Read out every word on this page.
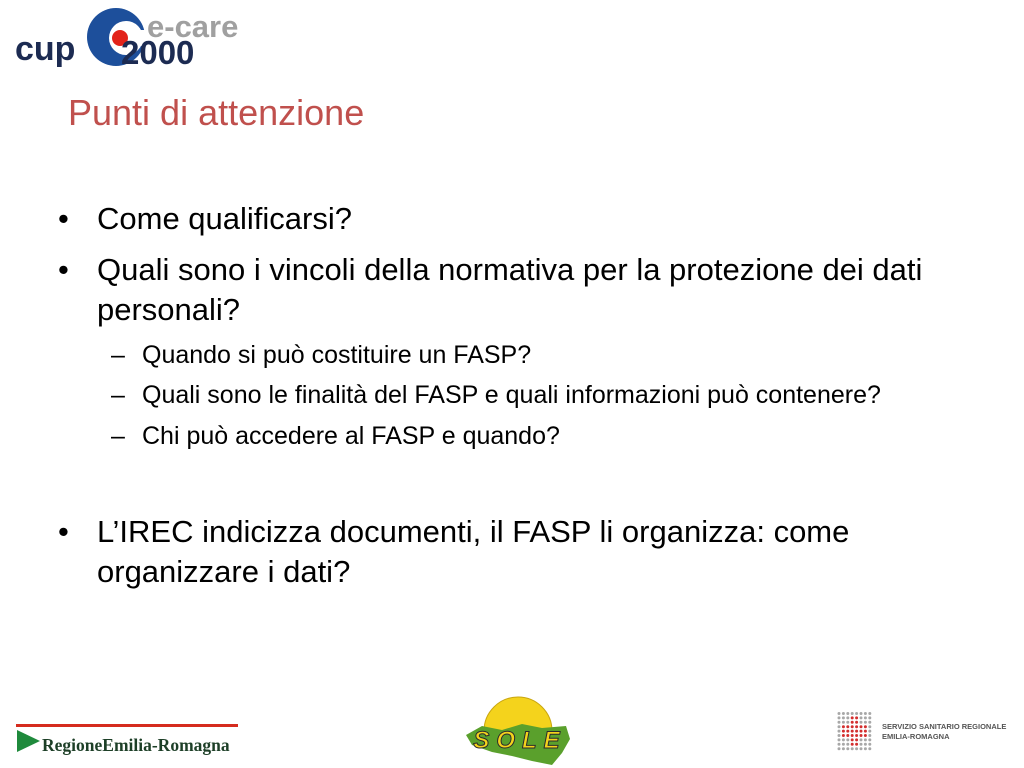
cup
e-care
2000
Punti di attenzione
• Come qualificarsi?
• Quali sono i vincoli della normativa per la protezione dei dati personali?
– Quando si può costituire un FASP?
– Quali sono le finalità del FASP e quali informazioni può contenere?
– Chi può accedere al FASP e quando?
• L’IREC indicizza documenti, il FASP li organizza: come organizzare i dati?
RegioneEmilia-Romagna	SOLE
SERVIZIO SANITARIO REGIONALE
EMILIA-ROMAGNA
